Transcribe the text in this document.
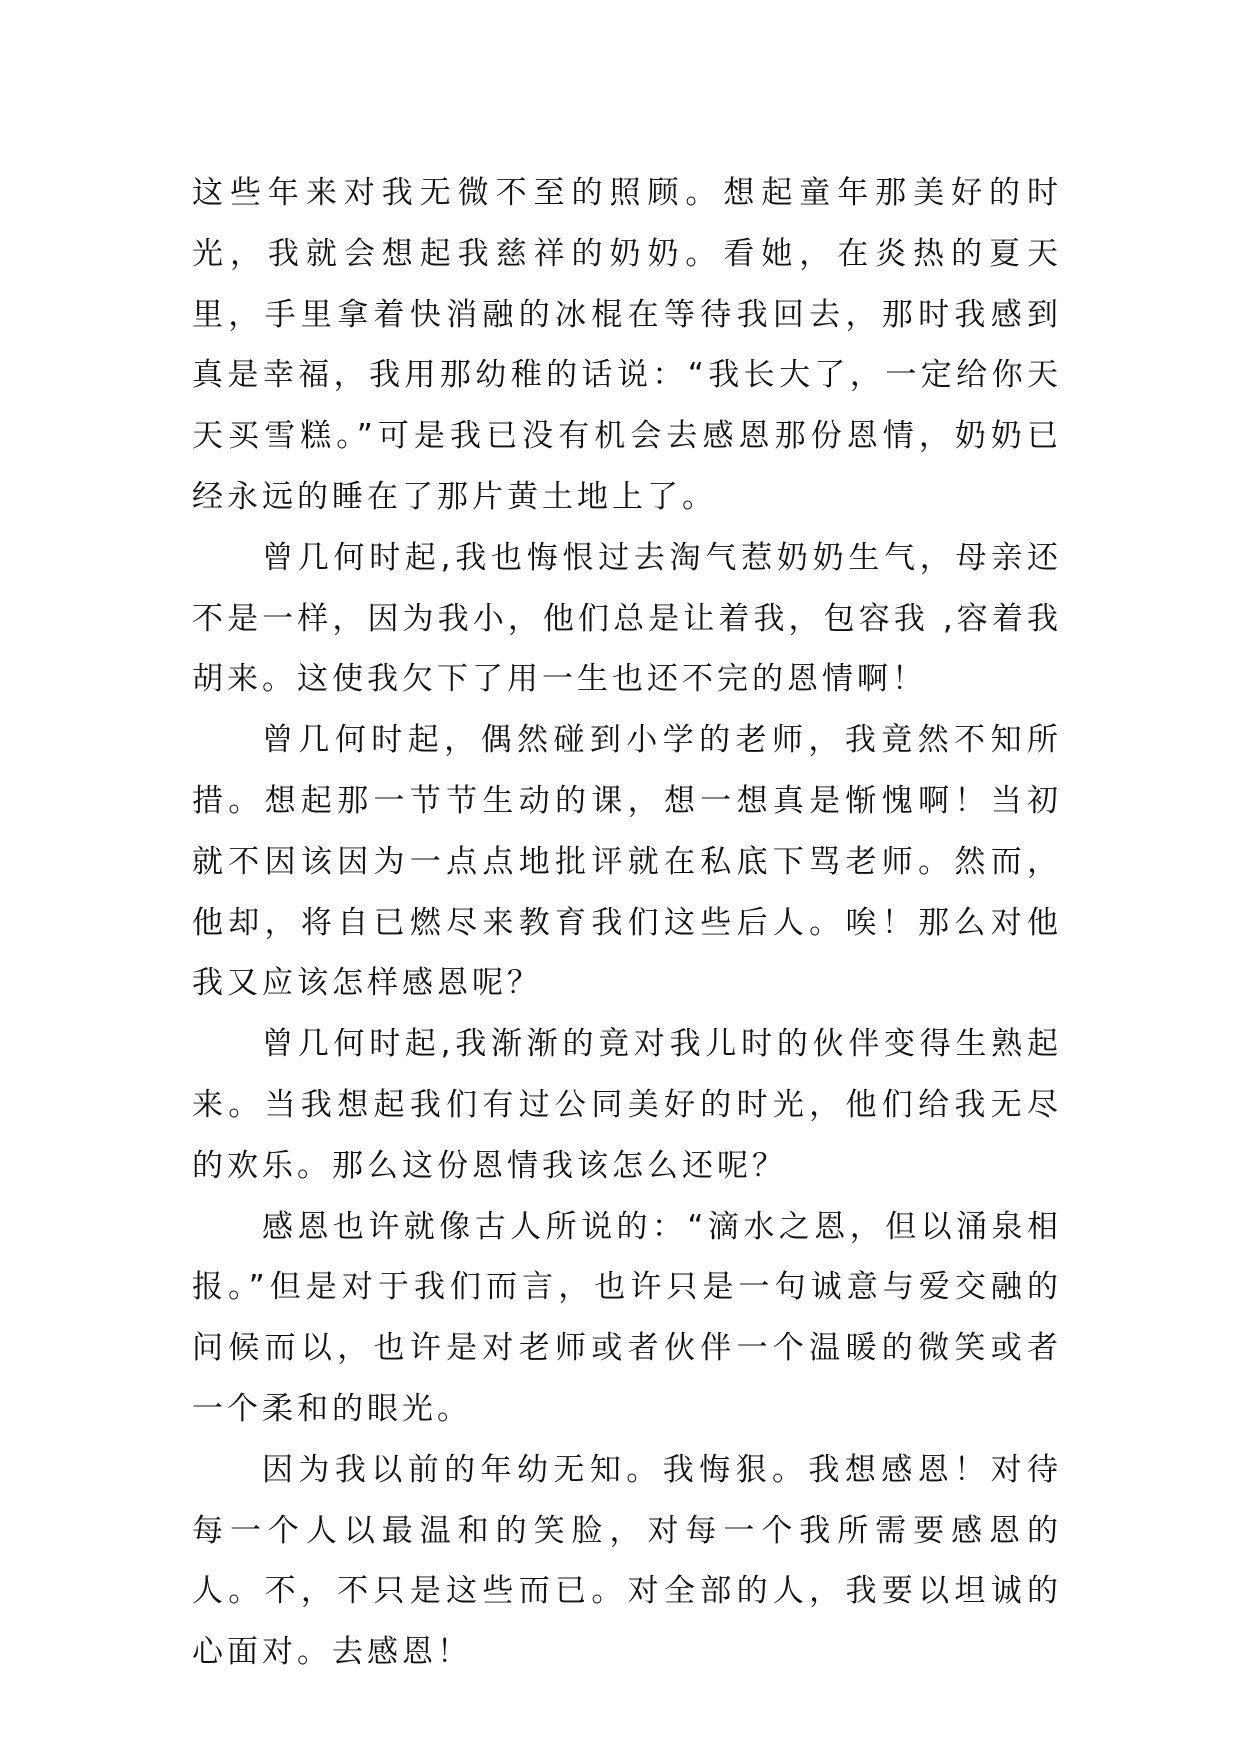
这些年来对我无微不至的照顾。想起童年那美好的时光，我就会想起我慈祥的奶奶。看她，在炎热的夏天里，手里拿着快消融的冰棍在等待我回去，那时我感到真是幸福，我用那幼稚的话说：“我长大了，一定给你天天买雪糕。”可是我已没有机会去感恩那份恩情，奶奶已经永远的睡在了那片黄土地上了。

曾几何时起,我也悔恨过去淘气惹奶奶生气，母亲还不是一样，因为我小，他们总是让着我，包容我 ,容着我胡来。这使我欠下了用一生也还不完的恩情啊！

曾几何时起，偶然碰到小学的老师，我竟然不知所措。想起那一节节生动的课，想一想真是惭愧啊！当初就不因该因为一点点地批评就在私底下骂老师。然而，他却，将自已燃尽来教育我们这些后人。唉！那么对他我又应该怎样感恩呢？

曾几何时起,我渐渐的竟对我儿时的伙伴变得生熟起来。当我想起我们有过公同美好的时光，他们给我无尽的欢乐。那么这份恩情我该怎么还呢？

感恩也许就像古人所说的：“滴水之恩，但以涌泉相报。”但是对于我们而言，也许只是一句诚意与爱交融的问候而以，也许是对老师或者伙伴一个温暖的微笑或者一个柔和的眼光。

因为我以前的年幼无知。我悔狠。我想感恩！对待每一个人以最温和的笑脸，对每一个我所需要感恩的人。不，不只是这些而已。对全部的人，我要以坦诚的心面对。去感恩！
